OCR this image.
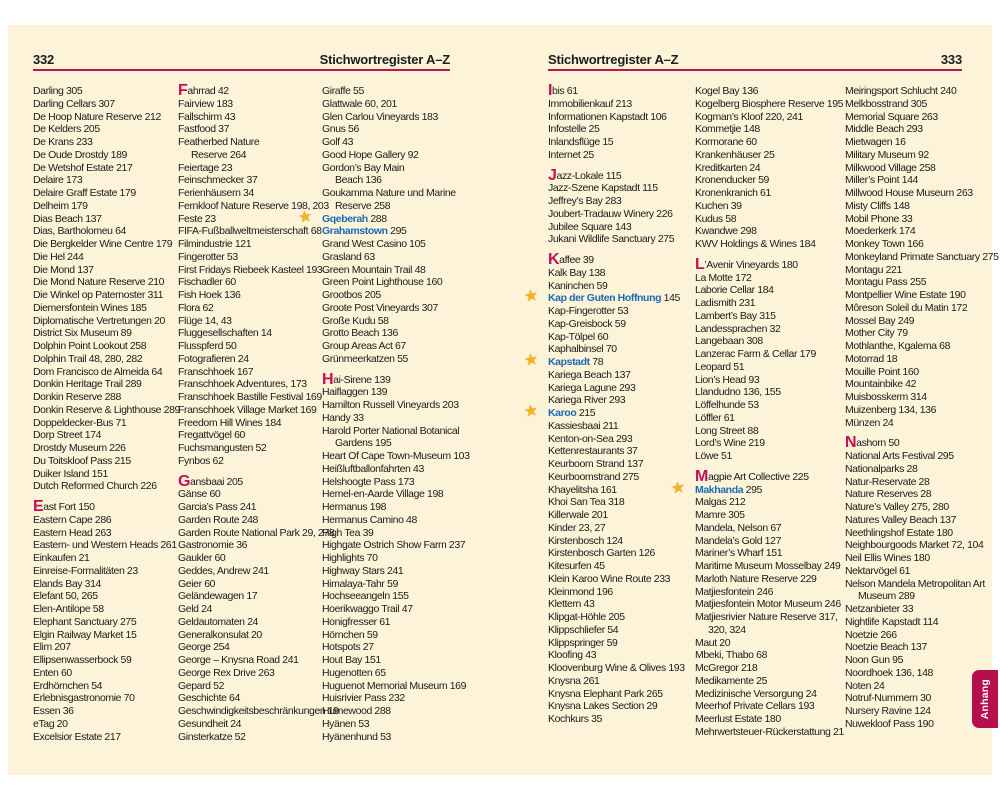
332	Stichwortregister A–Z	Stichwortregister A–Z	333
Darling 305
Darling Cellars 307
De Hoop Nature Reserve 212
De Kelders 205
De Krans 233
De Oude Drostdy 189
De Wetshof Estate 217
Delaire 173
Delaire Graff Estate 179
Delheim 179
Dias Beach 137
Dias, Bartholomeu 64
Die Bergkelder Wine Centre 179
Die Hel 244
Die Mond 137
Die Mond Nature Reserve 210
Die Winkel op Paternoster 311
Diemersfontein Wines 185
Diplomatische Vertretungen 20
District Six Museum 89
Dolphin Point Lookout 258
Dolphin Trail 48, 280, 282
Dom Francisco de Almeida 64
Donkin Heritage Trail 289
Donkin Reserve 288
Donkin Reserve & Lighthouse 289
Doppeldecker-Bus 71
Dorp Street 174
Drostdy Museum 226
Du Toitskloof Pass 215
Duiker Island 151
Dutch Reformed Church 226
East Fort 150
Eastern Cape 286
Eastern Head 263
Eastern- und Western Heads 261
Einkaufen 21
Einreise-Formalitäten 23
Elands Bay 314
Elefant 50, 265
Elen-Antilope 58
Elephant Sanctuary 275
Elgin Railway Market 15
Elim 207
Ellipsenwasserbock 59
Enten 60
Erdhörnchen 54
Erlebnisgastronomie 70
Essen 36
eTag 20
Excelsior Estate 217
Fahrrad 42
Fairview 183
Fallschirm 43
Fastfood 37
Featherbed Nature
Reserve 264
Feiertage 23
Feinschmecker 37
Ferienhäusern 34
Fernkloof Nature Reserve 198, 203
Feste 23
FIFA-Fußballweltmeisterschaft 68
Filmindustrie 121
Fingerotter 53
First Fridays Riebeek Kasteel 193
Fischadler 60
Fish Hoek 136
Flora 62
Flüge 14, 43
Fluggesellschaften 14
Flusspferd 50
Fotografieren 24
Franschhoek 167
Franschhoek Adventures, 173
Franschhoek Bastille Festival 169
Franschhoek Village Market 169
Freedom Hill Wines 184
Fregattvögel 60
Fuchsmangusten 52
Fynbos 62
Gansbaai 205
Gänse 60
Garcia’s Pass 241
Garden Route 248
Garden Route National Park 29, 278
Gastronomie 36
Gaukler 60
Geddes, Andrew 241
Geier 60
Geländewagen 17
Geld 24
Geldautomaten 24
Generalkonsulat 20
George 254
George – Knysna Road 241
George Rex Drive 263
Gepard 52
Geschichte 64
Geschwindigkeitsbeschränkungen 19
Gesundheit 24
Ginsterkatze 52
Giraffe 55
Glattwale 60, 201
Glen Carlou Vineyards 183
Gnus 56
Golf 43
Good Hope Gallery 92
Gordon’s Bay Main
Beach 136
Goukamma Nature und Marine
Reserve 258
★ Gqeberah 288
Grahamstown 295
Grand West Casino 105
Grasland 63
Green Mountain Trail 48
Green Point Lighthouse 160
Grootbos 205
Groote Post Vineyards 307
Große Kudu 58
Grotto Beach 136
Group Areas Act 67
Grünmeerkatzen 55
Hai-Sirene 139
Haiflaggen 139
Hamilton Russell Vineyards 203
Handy 33
Harold Porter National Botanical
Gardens 195
Heart Of Cape Town-Museum 103
Heißluftballonfahrten 43
Helshoogte Pass 173
Hemel-en-Aarde Village 198
Hermanus 198
Hermanus Camino 48
High Tea 39
Highgate Ostrich Show Farm 237
Highlights 70
Highway Stars 241
Himalaya-Tahr 59
Hochseeangeln 155
Hoerikwaggo Trail 47
Honigfresser 61
Hörnchen 59
Hotspots 27
Hout Bay 151
Hugenotten 65
Huguenot Memorial Museum 169
Huisrivier Pass 232
Humewood 288
Hyänen 53
Hyänenhund 53
Ibis 61
Immobilienkauf 213
Informationen Kapstadt 106
Infostelle 25
Inlandsflüge 15
Internet 25
Jazz-Lokale 115
Jazz-Szene Kapstadt 115
Jeffrey’s Bay 283
Joubert-Tradauw Winery 226
Jubilee Square 143
Jukani Wildlife Sanctuary 275
Kaffee 39
Kalk Bay 138
Kaninchen 59
★ Kap der Guten Hoffnung 145
Kap-Fingerotter 53
Kap-Greisbock 59
Kap-Tölpel 60
Kaphalbinsel 70
★ Kapstadt 78
Kariega Beach 137
Kariega Lagune 293
Kariega River 293
★ Karoo 215
Kassiesbaai 211
Kenton-on-Sea 293
Kettenrestaurants 37
Keurboom Strand 137
Keurboomstrand 275
Khayelitsha 161
Khoi San Tea 318
Killerwale 201
Kinder 23, 27
Kirstenbosch 124
Kirstenbosch Garten 126
Kitesurfen 45
Klein Karoo Wine Route 233
Kleinmond 196
Klettern 43
Klipgat-Höhle 205
Klippschliefer 54
Klippspringer 59
Kloofing 43
Kloovenburg Wine & Olives 193
Knysna 261
Knysna Elephant Park 265
Knysna Lakes Section 29
Kochkurs 35
Kogel Bay 136
Kogelberg Biosphere Reserve 195
Kogman’s Kloof 220, 241
Kommetjie 148
Kormorane 60
Krankenhäuser 25
Kreditkarten 24
Kronenducker 59
Kronenkranich 61
Kuchen 39
Kudus 58
Kwandwe 298
KWV Holdings & Wines 184
L’Avenir Vineyards 180
La Motte 172
Laborie Cellar 184
Ladismith 231
Lambert’s Bay 315
Landessprachen 32
Langebaan 308
Lanzerac Farm & Cellar 179
Leopard 51
Lion’s Head 93
Llandudno 136, 155
Löffelhunde 53
Löffler 61
Long Street 88
Lord’s Wine 219
Löwe 51
Magpie Art Collective 225
★ Makhanda 295
Malgas 212
Mamre 305
Mandela, Nelson 67
Mandela’s Gold 127
Mariner’s Wharf 151
Maritime Museum Mosselbay 249
Marloth Nature Reserve 229
Matjiesfontein 246
Matjiesfontein Motor Museum 246
Matjiesrivier Nature Reserve 317,
320, 324
Maut 20
Mbeki, Thabo 68
McGregor 218
Medikamente 25
Medizinische Versorgung 24
Meerhof Private Cellars 193
Meerlust Estate 180
Mehrwertsteuer-Rückerstattung 21
Meiringsport Schlucht 240
Melkbosstrand 305
Memorial Square 263
Middle Beach 293
Mietwagen 16
Military Museum 92
Milkwood Village 258
Miller’s Point 144
Millwood House Museum 263
Misty Cliffs 148
Mobil Phone 33
Moederkerk 174
Monkey Town 166
Monkeyland Primate Sanctuary 275
Montagu 221
Montagu Pass 255
Montpellier Wine Estate 190
Môreson Soleil du Matin 172
Mossel Bay 249
Mother City 79
Mothlanthe, Kgalema 68
Motorrad 18
Mouille Point 160
Mountainbike 42
Muisbosskerm 314
Muizenberg 134, 136
Münzen 24
Nashorn 50
National Arts Festival 295
Nationalparks 28
Natur-Reservate 28
Nature Reserves 28
Nature’s Valley 275, 280
Natures Valley Beach 137
Neethlingshof Estate 180
Neighbourgoods Market 72, 104
Neil Ellis Wines 180
Nektarvögel 61
Nelson Mandela Metropolitan Art
Museum 289
Netzanbieter 33
Nightlife Kapstadt 114
Noetzie 266
Noetzie Beach 137
Noon Gun 95
Noordhoek 136, 148
Noten 24
Notruf-Nummern 30
Nursery Ravine 124
Nuwekloof Pass 190
Anhang
